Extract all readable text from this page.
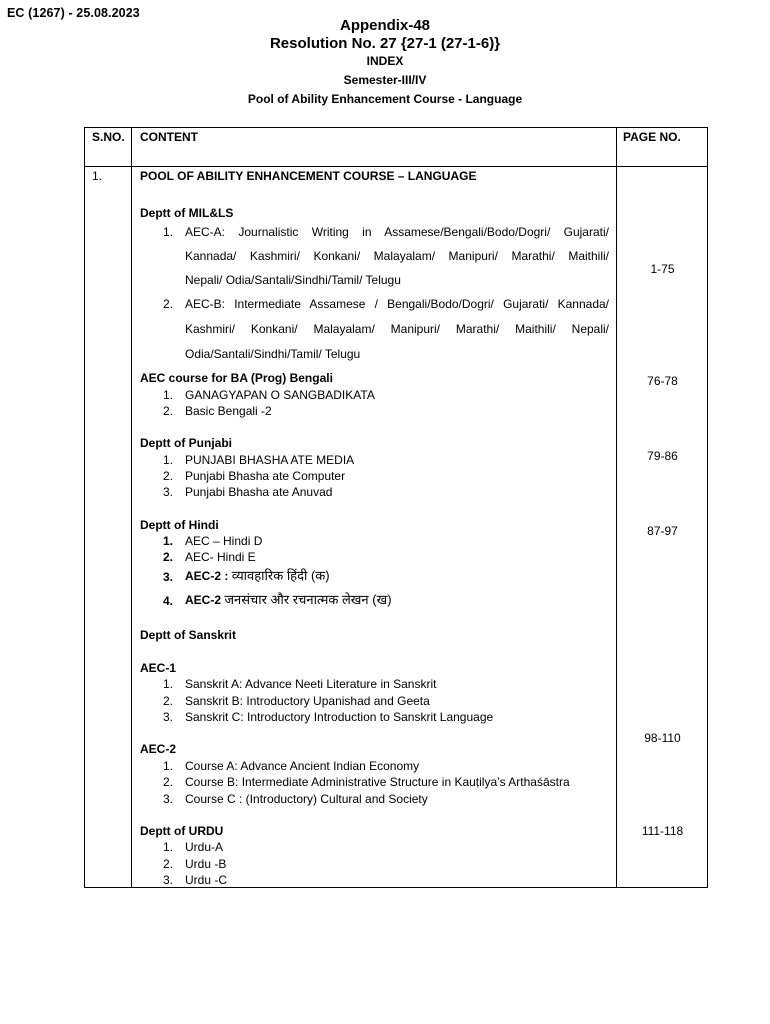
EC (1267) - 25.08.2023
Appendix-48
Resolution No. 27 {27-1 (27-1-6)}
INDEX
Semester-III/IV
Pool of Ability Enhancement Course - Language
S.NO. CONTENT	PAGE NO.
1.	POOL OF ABILITY ENHANCEMENT COURSE – LANGUAGE
Deptt of MIL&LS
1. AEC-A: Journalistic Writing in Assamese/Bengali/Bodo/Dogri/ Gujarati/
Kannada/ Kashmiri/ Konkani/ Malayalam/ Manipuri/ Marathi/ Maithili/
Nepali/ Odia/Santali/Sindhi/Tamil/ Telugu
2. AEC-B: Intermediate Assamese / Bengali/Bodo/Dogri/ Gujarati/ Kannada/
Kashmiri/ Konkani/ Malayalam/ Manipuri/ Marathi/ Maithili/ Nepali/
Odia/Santali/Sindhi/Tamil/ Telugu
1-75
AEC course for BA (Prog) Bengali
1. GANAGYAPAN O SANGBADIKATA
2. Basic Bengali -2
76-78
Deptt of Punjabi
1. PUNJABI BHASHA ATE MEDIA
2. Punjabi Bhasha ate Computer
3. Punjabi Bhasha ate Anuvad
79-86
Deptt of Hindi
1. AEC – Hindi D
2. AEC- Hindi E
3. AEC-2 : व्यावहारिक हिंदी (क)
4. AEC-2 जनसंचार और रचनात्मक लेखन (ख)
87-97
Deptt of Sanskrit
AEC-1
1. Sanskrit A: Advance Neeti Literature in Sanskrit
2. Sanskrit B: Introductory Upanishad and Geeta
3. Sanskrit C: Introductory Introduction to Sanskrit Language
AEC-2
1. Course A: Advance Ancient Indian Economy
2. Course B: Intermediate Administrative Structure in Kauṭilya’s Arthaśāstra
3. Course C : (Introductory) Cultural and Society
98-110
Deptt of URDU
1. Urdu-A
2. Urdu -B
3. Urdu -C
111-118
